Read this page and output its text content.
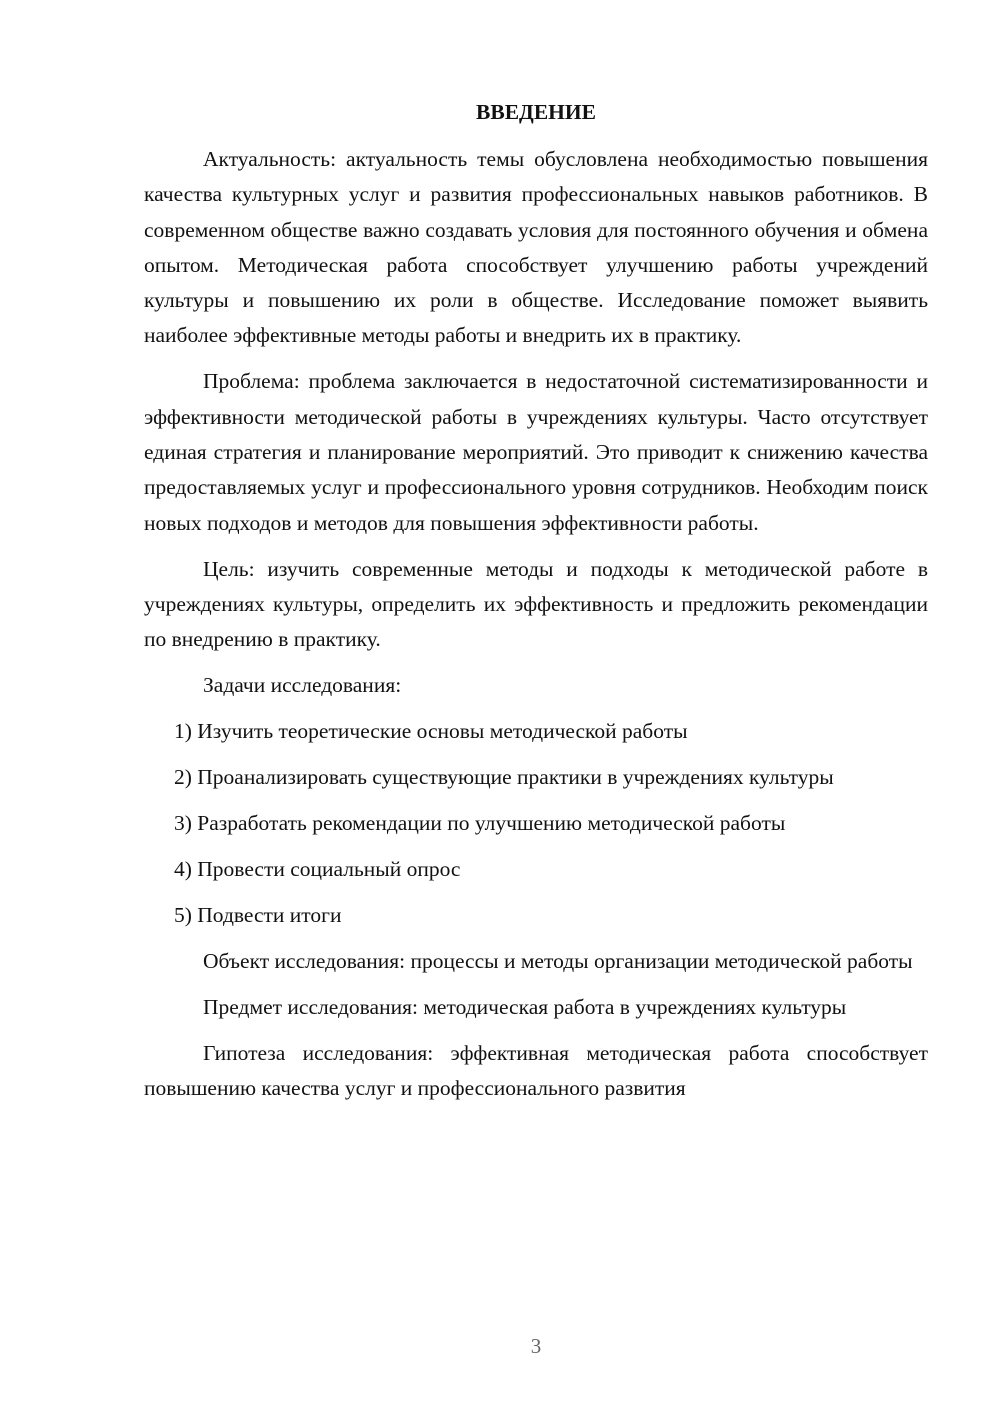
ВВЕДЕНИЕ

Актуальность: актуальность темы обусловлена необходимостью повышения качества культурных услуг и развития профессиональных навыков работников. В современном обществе важно создавать условия для постоянного обучения и обмена опытом. Методическая работа способствует улучшению работы учреждений культуры и повышению их роли в обществе. Исследование поможет выявить наиболее эффективные методы работы и внедрить их в практику.

Проблема: проблема заключается в недостаточной систематизированности и эффективности методической работы в учреждениях культуры. Часто отсутствует единая стратегия и планирование мероприятий. Это приводит к снижению качества предоставляемых услуг и профессионального уровня сотрудников. Необходим поиск новых подходов и методов для повышения эффективности работы.

Цель: изучить современные методы и подходы к методической работе в учреждениях культуры, определить их эффективность и предложить рекомендации по внедрению в практику.

Задачи исследования:

1) Изучить теоретические основы методической работы

2) Проанализировать существующие практики в учреждениях культуры

3) Разработать рекомендации по улучшению методической работы

4) Провести социальный опрос

5) Подвести итоги

Объект исследования: процессы и методы организации методической работы

Предмет исследования: методическая работа в учреждениях культуры

Гипотеза исследования: эффективная методическая работа способствует повышению качества услуг и профессионального развития

3
